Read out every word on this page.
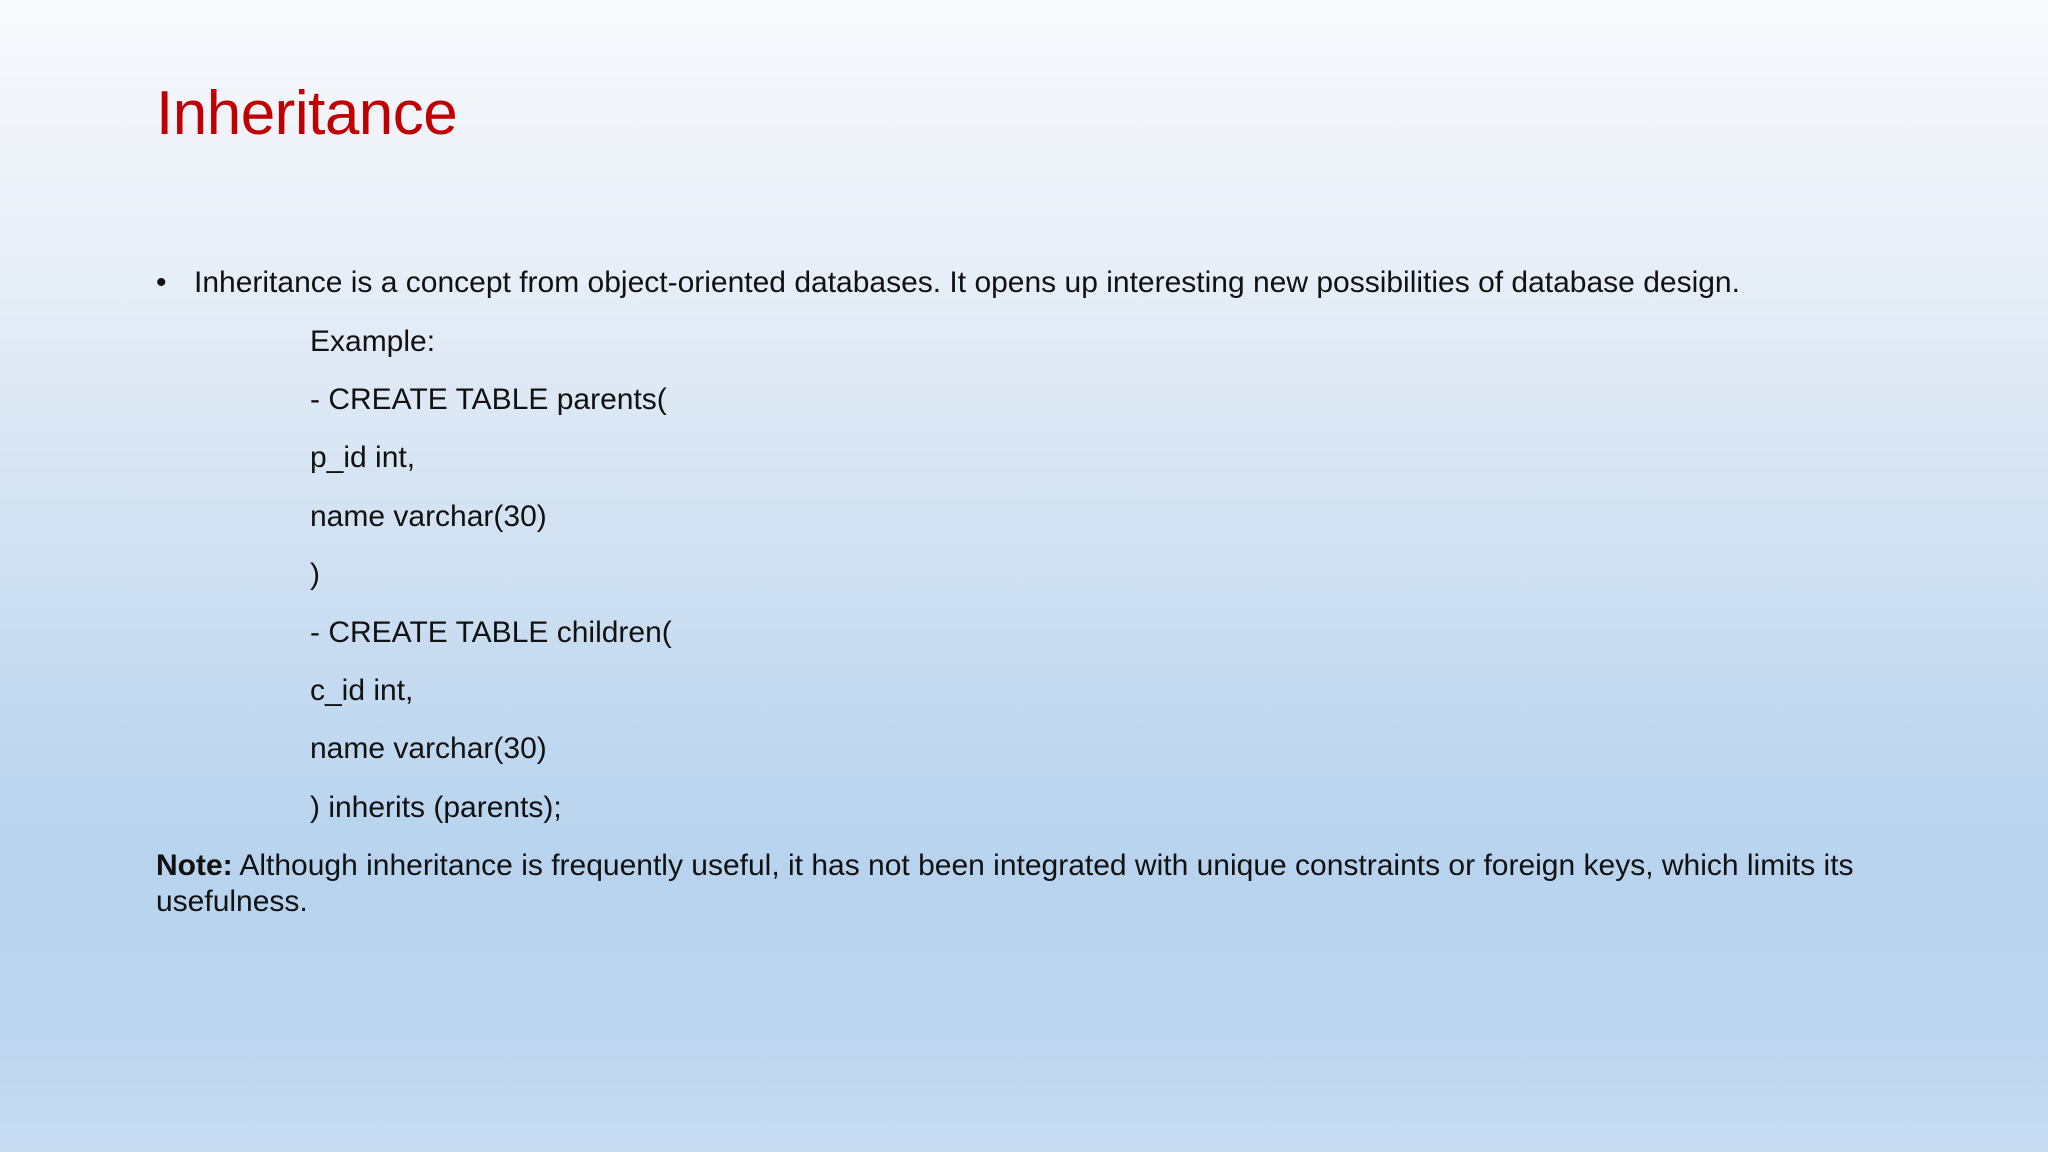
Inheritance
• Inheritance is a concept from object-oriented databases. It opens up interesting new possibilities of database design.
Example:
- CREATE TABLE parents(
p_id int,
name varchar(30)
)
- CREATE TABLE children(
c_id int,
name varchar(30)
) inherits (parents);
Note: Although inheritance is frequently useful, it has not been integrated with unique constraints or foreign keys, which limits its usefulness.
